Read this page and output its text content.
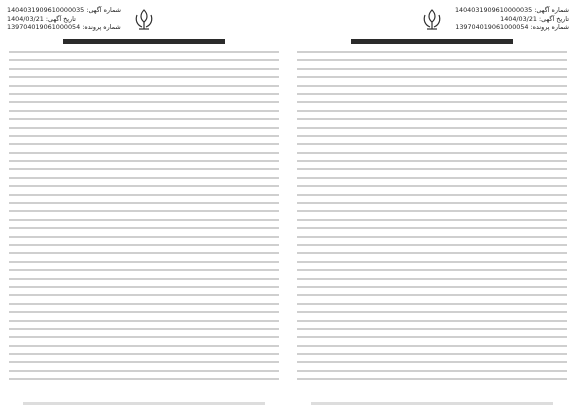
شماره آگهی: 1404031909610000035
تاریخ آگهی: 1404/03/21
شماره پرونده: 139704019061000054
شماره آگهی: 1404031909610000035
تاریخ آگهی: 1404/03/21
شماره پرونده: 139704019061000054
